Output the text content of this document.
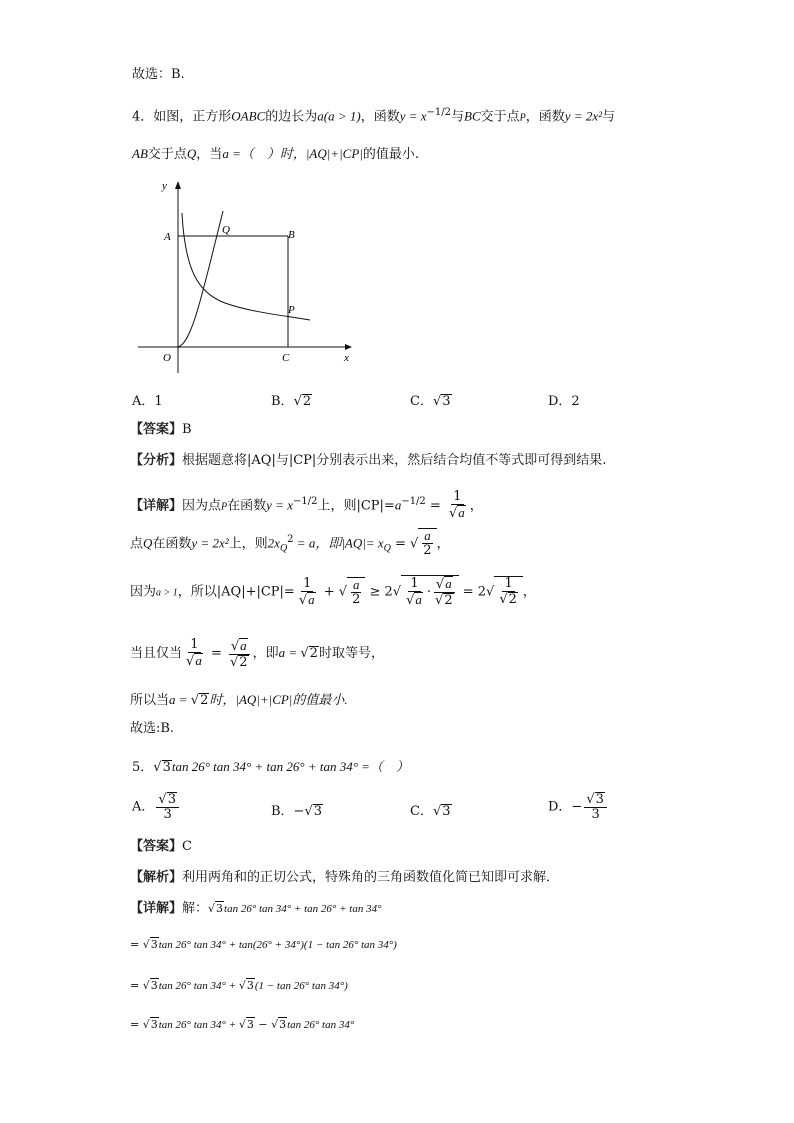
故选：B.
4．如图，正方形OABC的边长为a(a > 1)，函数$y = x^{-1/2}$与BC交于点P，函数y = 2x²与
AB交于点Q，当a =（　）时，|AQ|+|CP|的值最小.
y
x
O
A	B
C
P
Q
A．1	B．√2	C．√3	D．2
【答案】B
【分析】根据题意将|AQ|与|CP|分别表示出来，然后结合均值不等式即可得到结果.
【详解】因为点P在函数$y = x^{-1/2}$上，则$|CP|=a^{-1/2} = \frac{1}{√a}$ ，
点Q在函数y = 2x²上，则$2x_Q^2 = a$，即$|AQ|= x_Q$ = √ $\frac{a}{2}$ ，
因为a > 1，所以$|AQ|+|CP|= \frac{1}{√a}$ + √ $\frac{a}{2} \ge 2√ \frac{1}{√a} \cdot \frac{√a}{√2} = 2√ \frac{1}{√2}$ ，
当且仅当 $\frac{1}{√a} = \frac{√a}{√2}$ ，即a = √2时取等号，
所以当a = √2时，|AQ|+|CP|的值最小.
故选:B.
5．√3tan 26° tan 34° + tan 26° + tan 34° =（　）
A． $\frac{√3}{3}$	B．−√3	C．√3	D．− $\frac{√3}{3}$
【答案】C
【解析】利用两角和的正切公式，特殊角的三角函数值化简已知即可求解．
【详解】解：√3tan 26° tan 34° + tan 26° + tan 34°
= √3tan 26° tan 34° + tan(26° + 34°)(1 − tan 26° tan 34°)
= √3tan 26° tan 34° + √3(1 − tan 26° tan 34°)
= √3tan 26° tan 34° + √3 − √3tan 26° tan 34°
